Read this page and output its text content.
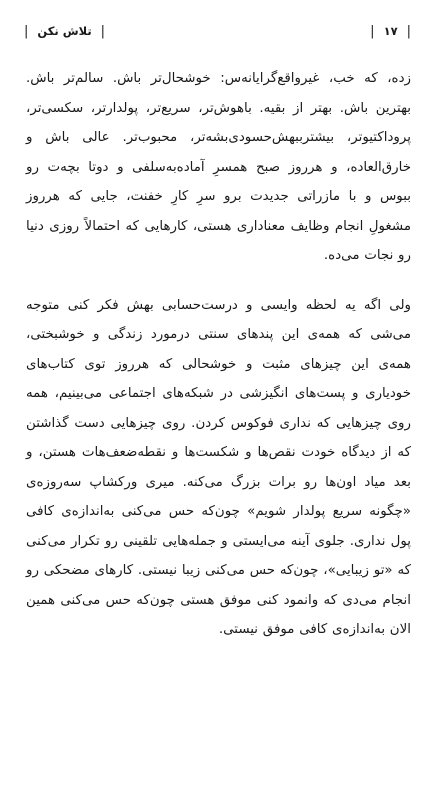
|
۱۷
|
|
تلاش نکن
|

زده، که خب، غیرواقع‌گرایانه‌س: خوشحال‌تر باش. سالم‌تر باش. بهترین باش. بهتر از بقیه. باهوش‌تر، سریع‌تر، پولدارتر، سکسی‌تر، پروداکتیوتر، بیشترببهش‌حسودی‌بشه‌تر، محبوب‌تر. عالی باش و خارق‌العاده، و هرروز صبح همسرِ آماده‌به‌سلفی و دوتا بچه‌ت رو ببوس و با مازراتی جدیدت برو سرِ کارِ خفنت، جایی که هرروز مشغولِ انجام وظایف معناداری هستی، کارهایی که احتمالاً روزی دنیا رو نجات می‌ده.

ولی اگه یه لحظه وایسی و درست‌حسابی بهش فکر کنی متوجه می‌شی که همه‌ی این پندهای سنتی درمورد زندگی و خوشبختی، همه‌ی این چیزهای مثبت و خوشحالی که هرروز توی کتاب‌های خودیاری و پست‌های انگیزشی در شبکه‌های اجتماعی می‌بینیم، همه روی چیزهایی که نداری فوکوس کردن. روی چیزهایی دست گذاشتن که از دیدگاه خودت نقص‌ها و شکست‌ها و نقطه‌ضعف‌هات هستن، و بعد میاد اون‌ها رو برات بزرگ می‌کنه. میری ورکشاپ سه‌روزه‌ی «چگونه سریع پولدار شویم» چون‌که حس می‌کنی به‌اندازه‌ی کافی پول نداری. جلوی آینه می‌ایستی و جمله‌هایی تلقینی رو تکرار می‌کنی که «تو زیبایی»، چون‌که حس می‌کنی زیبا نیستی. کارهای مضحکی رو انجام می‌دی که وانمود کنی موفق هستی چون‌که حس می‌کنی همین الان به‌اندازه‌ی کافی موفق نیستی.
